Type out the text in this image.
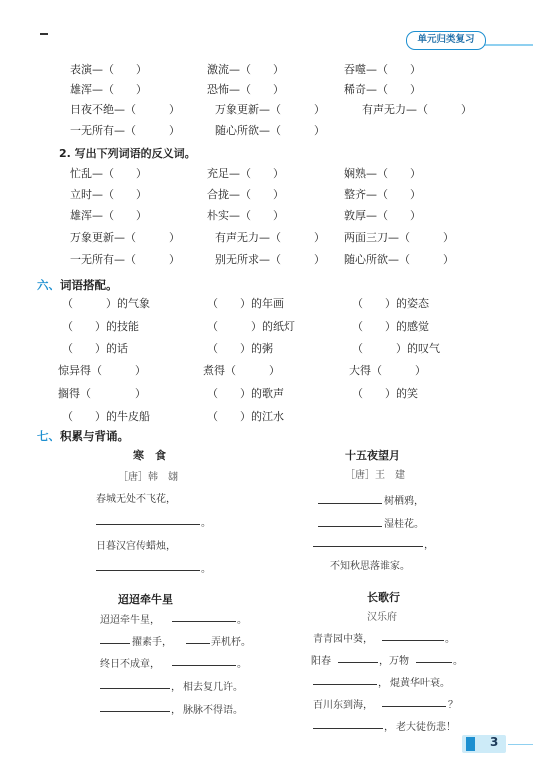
单元归类复习
表演—（　　）	激流—（　　）	吞噬—（　　）
雄浑—（　　）	恐怖—（　　）	稀奇—（　　）
日夜不绝—（　　　）	万象更新—（　　　）	有声无力—（　　　）
一无所有—（　　　）	随心所欲—（　　　）
2. 写出下列词语的反义词。
忙乱—（　　）	充足—（　　）	娴熟—（　　）
立时—（　　）	合拢—（　　）	整齐—（　　）
雄浑—（　　）	朴实—（　　）	敦厚—（　　）
万象更新—（　　　）	有声无力—（　　　） 两面三刀—（　　　）
一无所有—（　　　）	别无所求—（　　　） 随心所欲—（　　　）
六、 词语搭配。
（　　　）的气象	（　　）的年画	（　　）的姿态
（　　）的技能	（　　　）的纸灯	（　　）的感觉
（　　）的话	（　　）的粥	（　　　）的叹气
惊异得（　　　）	煮得（　　　）	大得（　　　）
搁得（　　　　）	（　　）的歌声	（　　）的笑
（　　）的牛皮船	（　　）的江水
七、 积累与背诵。
寒　食
［唐］韩　翃
春城无处不飞花，
。
日暮汉宫传蜡烛，
。
十五夜望月
［唐］王　建
树栖鸦，
湿桂花。
，
不知秋思落谁家。
迢迢牵牛星
迢迢牵牛星，	。
擢素手，	弄机杼。
终日不成章，	。
， 相去复几许。
， 脉脉不得语。
长歌行
汉乐府
青青园中葵，	。
阳春	，万物	。
， 焜黄华叶衰。
百川东到海，	？
， 老大徒伤悲！
3
